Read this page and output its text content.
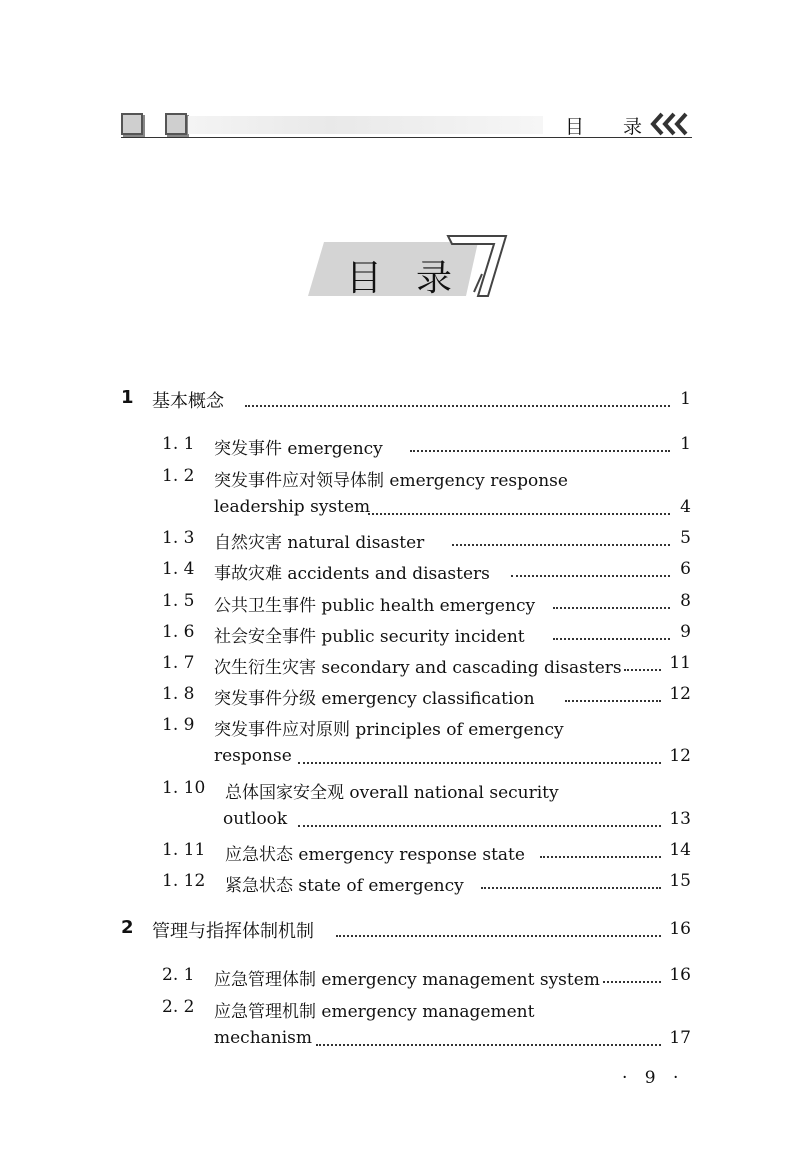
目 录
目 录
1 基本概念	1
1. 1 突发事件 emergency	1
1. 2 突发事件应对领导体制 emergency response
leadership system	4
1. 3 自然灾害 natural disaster	5
1. 4 事故灾难 accidents and disasters	6
1. 5 公共卫生事件 public health emergency	8
1. 6 社会安全事件 public security incident	9
1. 7 次生衍生灾害 secondary and cascading disasters	11
1. 8 突发事件分级 emergency classification	12
1. 9 突发事件应对原则 principles of emergency
response	12
1. 10 总体国家安全观 overall national security
outlook	13
1. 11 应急状态 emergency response state	14
1. 12 紧急状态 state of emergency	15
2 管理与指挥体制机制	16
2. 1 应急管理体制 emergency management system	16
2. 2 应急管理机制 emergency management
mechanism	17
· 9 ·
